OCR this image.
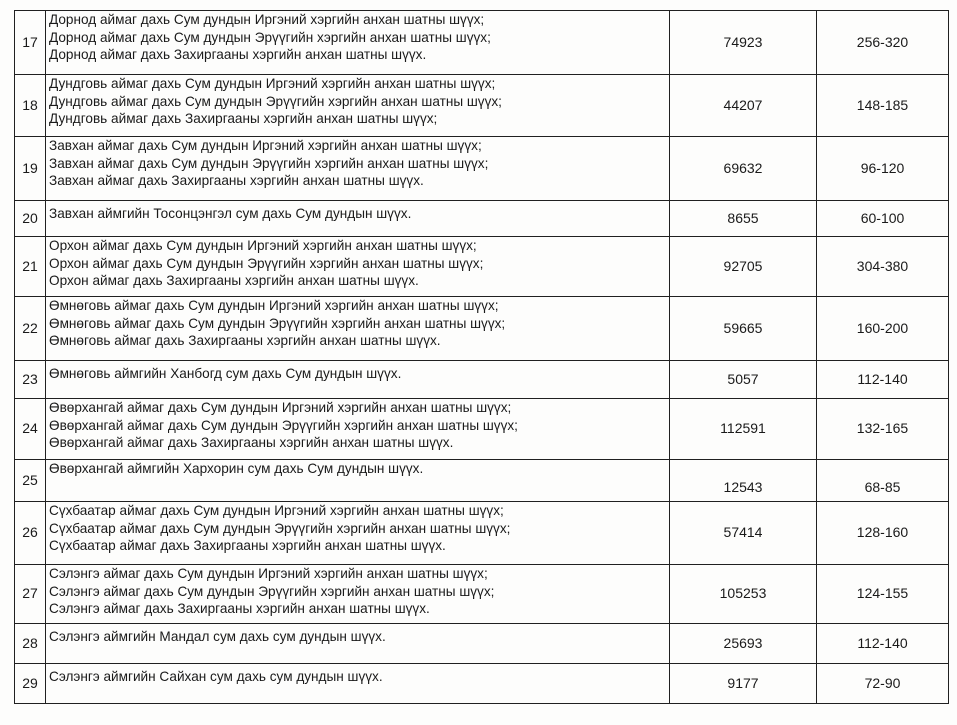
17	Дорнод аймаг дахь Сум дундын Иргэний хэргийн анхан шатны шүүх;
Дорнод аймаг дахь Сум дундын Эрүүгийн хэргийн анхан шатны шүүх;
Дорнод аймаг дахь Захиргааны хэргийн анхан шатны шүүх.	74923	256-320
18	Дундговь аймаг дахь Сум дундын Иргэний хэргийн анхан шатны шүүх;
Дундговь аймаг дахь Сум дундын Эрүүгийн хэргийн анхан шатны шүүх;
Дундговь аймаг дахь Захиргааны хэргийн анхан шатны шүүх;	44207	148-185
19	Завхан аймаг дахь Сум дундын Иргэний хэргийн анхан шатны шүүх;
Завхан аймаг дахь Сум дундын Эрүүгийн хэргийн анхан шатны шүүх;
Завхан аймаг дахь Захиргааны хэргийн анхан шатны шүүх.	69632	96-120
20	Завхан аймгийн Тосонцэнгэл сум дахь Сум дундын шүүх.	8655	60-100
21	Орхон аймаг дахь Сум дундын Иргэний хэргийн анхан шатны шүүх;
Орхон аймаг дахь Сум дундын Эрүүгийн хэргийн анхан шатны шүүх;
Орхон аймаг дахь Захиргааны хэргийн анхан шатны шүүх.	92705	304-380
22	Өмнөговь аймаг дахь Сум дундын Иргэний хэргийн анхан шатны шүүх;
Өмнөговь аймаг дахь Сум дундын Эрүүгийн хэргийн анхан шатны шүүх;
Өмнөговь аймаг дахь Захиргааны хэргийн анхан шатны шүүх.	59665	160-200
23	Өмнөговь аймгийн Ханбогд сум дахь Сум дундын шүүх.	5057	112-140
24	Өвөрхангай аймаг дахь Сум дундын Иргэний хэргийн анхан шатны шүүх;
Өвөрхангай аймаг дахь Сум дундын Эрүүгийн хэргийн анхан шатны шүүх;
Өвөрхангай аймаг дахь Захиргааны хэргийн анхан шатны шүүх.	112591	132-165
25	Өвөрхангай аймгийн Хархорин сум дахь Сум дундын шүүх.	12543	68-85

26	Сүхбаатар аймаг дахь Сум дундын Иргэний хэргийн анхан шатны шүүх;
Сүхбаатар аймаг дахь Сум дундын Эрүүгийн хэргийн анхан шатны шүүх;
Сүхбаатар аймаг дахь Захиргааны хэргийн анхан шатны шүүх.	57414	128-160
27	Сэлэнгэ аймаг дахь Сум дундын Иргэний хэргийн анхан шатны шүүх;
Сэлэнгэ аймаг дахь Сум дундын Эрүүгийн хэргийн анхан шатны шүүх;
Сэлэнгэ аймаг дахь Захиргааны хэргийн анхан шатны шүүх.	105253	124-155
28	Сэлэнгэ аймгийн Мандал сум дахь сум дундын шүүх.	25693	112-140
29	Сэлэнгэ аймгийн Сайхан сум дахь сум дундын шүүх.	9177	72-90
